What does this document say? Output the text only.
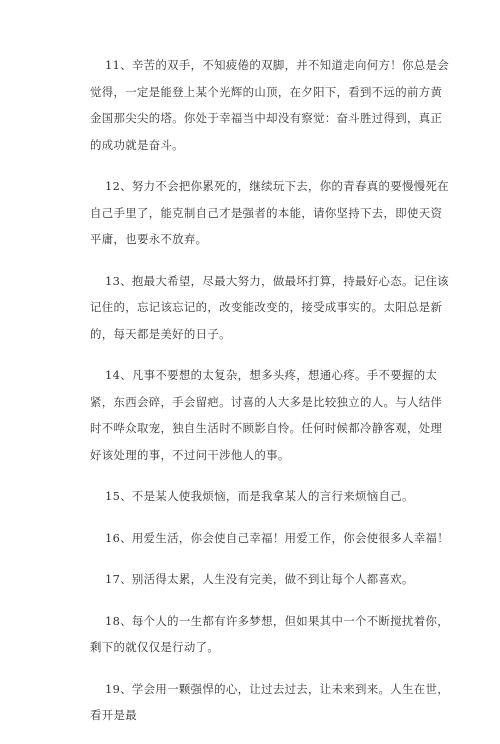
11、辛苦的双手，不知疲倦的双脚，并不知道走向何方！你总是会觉得，一定是能登上某个光辉的山顶，在夕阳下，看到不远的前方黄金国那尖尖的塔。你处于幸福当中却没有察觉：奋斗胜过得到，真正的成功就是奋斗。

12、努力不会把你累死的，继续玩下去，你的青春真的要慢慢死在自己手里了，能克制自己才是强者的本能，请你坚持下去，即使天资平庸，也要永不放弃。

13、抱最大希望，尽最大努力，做最坏打算，持最好心态。记住该记住的，忘记该忘记的，改变能改变的，接受成事实的。太阳总是新的，每天都是美好的日子。

14、凡事不要想的太复杂，想多头疼，想通心疼。手不要握的太紧，东西会碎，手会留疤。讨喜的人大多是比较独立的人。与人结伴时不哗众取宠，独自生活时不顾影自怜。任何时候都冷静客观，处理好该处理的事，不过问干涉他人的事。

15、不是某人使我烦恼，而是我拿某人的言行来烦恼自己。

16、用爱生活，你会使自己幸福！用爱工作，你会使很多人幸福！

17、别活得太累，人生没有完美，做不到让每个人都喜欢。

18、每个人的一生都有许多梦想，但如果其中一个不断搅扰着你，剩下的就仅仅是行动了。

19、学会用一颗强悍的心，让过去过去，让未来到来。人生在世，看开是最
